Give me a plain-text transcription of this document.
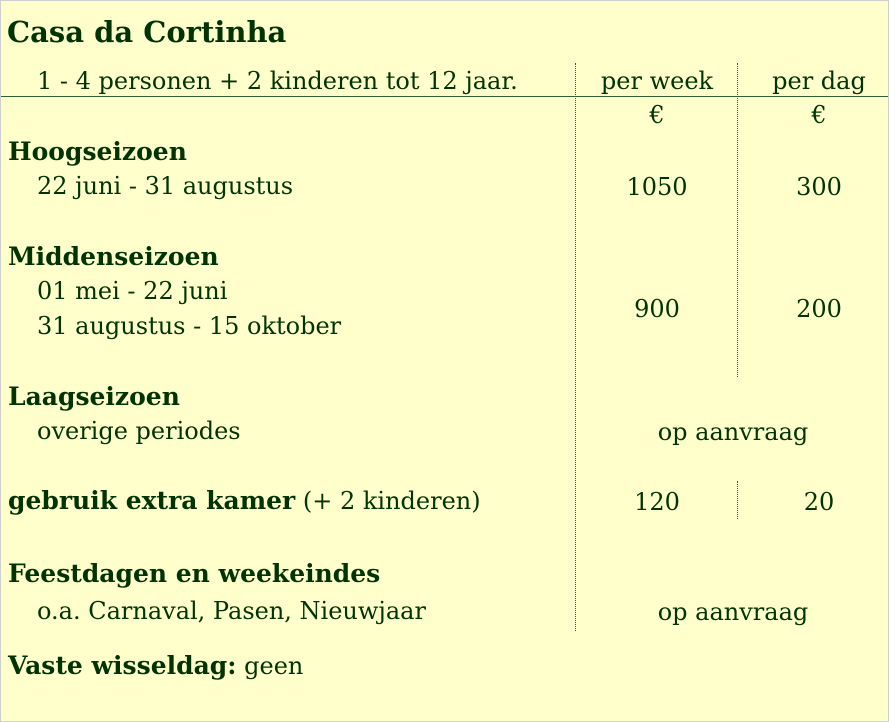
Casa da Cortinha
1 - 4 personen + 2 kinderen tot 12 jaar.	per week	per dag
€	€
Hoogseizoen
22 juni - 31 augustus	1050	300
Middenseizoen
01 mei - 22 juni
31 augustus - 15 oktober
900	200
Laagseizoen
overige periodes	op aanvraag
gebruik extra kamer (+ 2 kinderen)	120	20
Feestdagen en weekeindes
o.a. Carnaval, Pasen, Nieuwjaar	op aanvraag
Vaste wisseldag: geen
